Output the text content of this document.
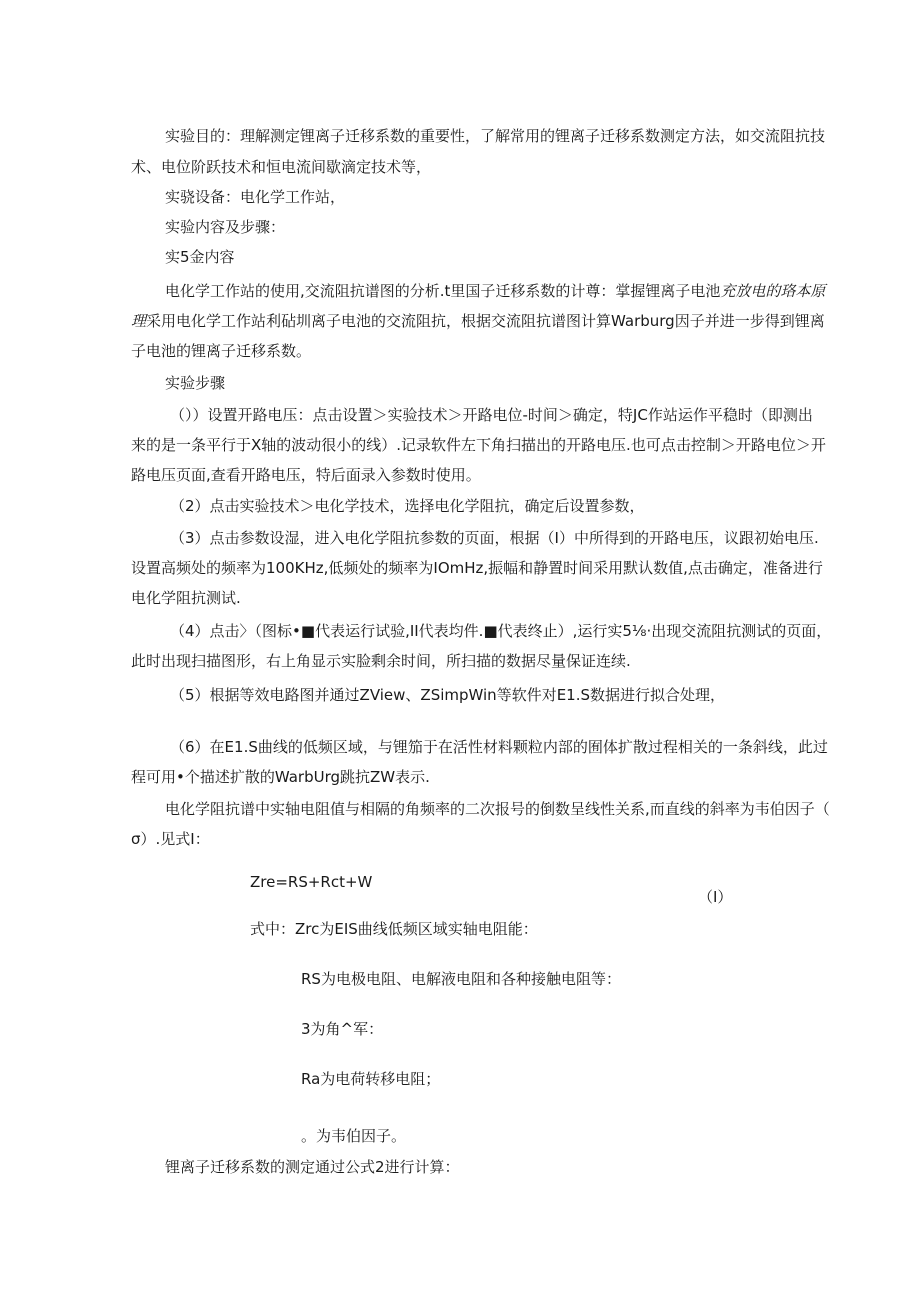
实验目的：理解测定锂离子迁移系数的重要性，了解常用的锂离子迁移系数测定方法，如交流阻抗技

术、电位阶跃技术和恒电流间歇滴定技术等，

实骁设备：电化学工作站，

实验内容及步骤：

实5金内容

电化学工作站的使用,交流阻抗谱图的分析.t里国子迁移系数的计尊：掌握锂离子电池充放电的珞本原

理采用电化学工作站利砧圳离子电池的交流阻抗，根据交流阻抗谱图计算Warburg因子并进一步得到锂离

子电池的锂离子迁移系数。

实验步骤

（））设置开路电压：点击设置＞实验技术＞开路电位-时间＞确定，特JC作站运作平稳时（即测出

来的是一条平行于X轴的波动很小的线）.记录软件左下角扫描出的开路电压.也可点击控制＞开路电位＞开

路电压页面,查看开路电压，特后面录入参数时使用。

（2）点击实验技术＞电化学技术，选择电化学阻抗，确定后设置参数，

（3）点击参数设湿，进入电化学阻抗参数的页面，根据（I）中所得到的开路电压，议跟初始电压.

设置高频处的频率为100KHz,低频处的频率为IOmHz,振幅和静置时间采用默认数值,点击确定，准备进行

电化学阻抗测试.

（4）点击〉（图标•■代表运行试验,II代表均件.■代表终止）,运行实5⅛·出现交流阻抗测试的页面，

此时出现扫描图形，右上角显示实脸剩余时间，所扫描的数据尽量保证连续.

（5）根据等效电路图并通过ZView、ZSimpWin等软件对E1.S数据进行拟合处理，

（6）在E1.S曲线的低频区域，与锂笳于在活性材料颗粒内部的囿体扩散过程相关的一条斜线，此过

程可用•个描述扩散的WarbUrg跳抗ZW表示.

电化学阻抗谱中实轴电阻值与相隔的角频率的二次报号的倒数呈线性关系,而直线的斜率为韦伯因子（

σ）.见式I：

Zre=RS+Rct+W

（I）

式中：Zrc为EIS曲线低频区域实轴电阻能：

RS为电极电阻、电解液电阻和各种接触电阻等：

3为角^军：

Ra为电荷转移电阻；

。为韦伯因子。

锂离子迁移系数的测定通过公式2进行计算：
